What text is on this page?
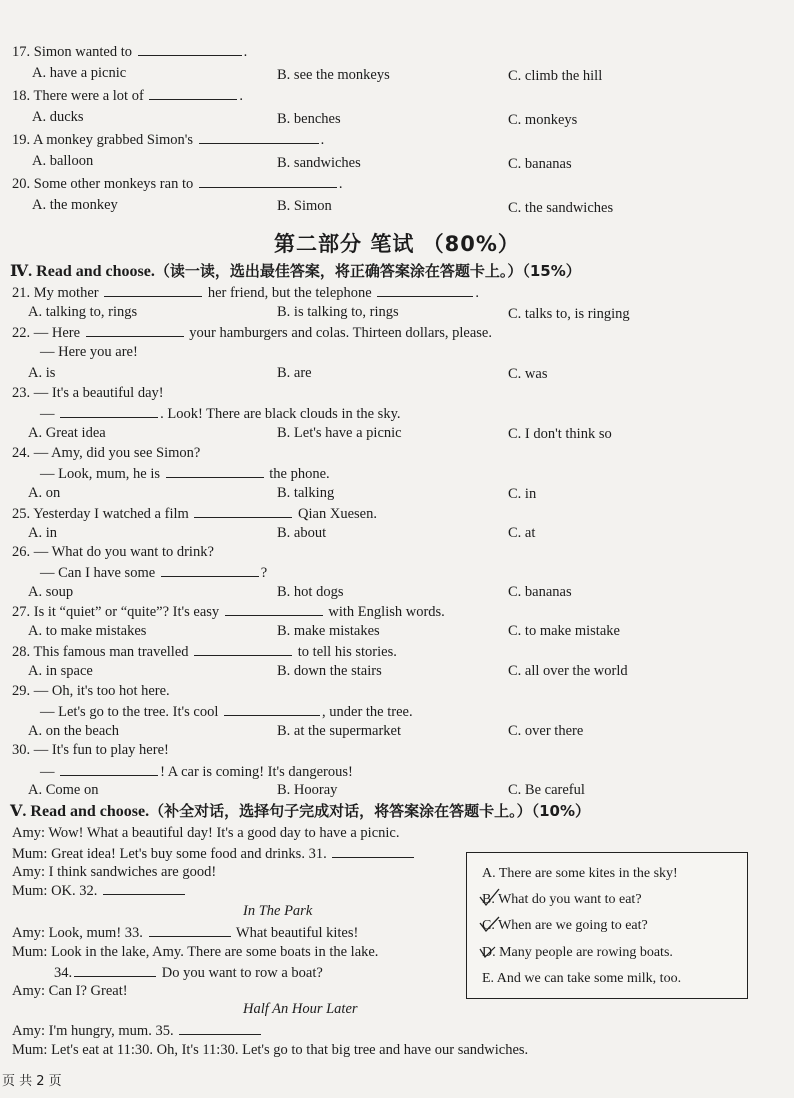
17. Simon wanted to	.
A. have a picnic	B. see the monkeys	C. climb the hill
18. There were a lot of	.
A. ducks	B. benches	C. monkeys
19. A monkey grabbed Simon's	.
A. balloon	B. sandwiches	C. bananas
20. Some other monkeys ran to	.
A. the monkey	B. Simon	C. the sandwiches
第二部分 笔试 （80%）
Ⅳ. Read and choose.（读一读，选出最佳答案，将正确答案涂在答题卡上。）（15%）
21. My mother	her friend, but the telephone	.
A. talking to, rings	B. is talking to, rings	C. talks to, is ringing
22. — Here	your hamburgers and colas. Thirteen dollars, please.
— Here you are!
A. is	B. are	C. was
23. — It's a beautiful day!
—	. Look! There are black clouds in the sky.
A. Great idea	B. Let's have a picnic	C. I don't think so
24. — Amy, did you see Simon?
— Look, mum, he is	the phone.
A. on	B. talking	C. in
25. Yesterday I watched a film	Qian Xuesen.
A. in	B. about	C. at
26. — What do you want to drink?
— Can I have some	?
A. soup	B. hot dogs	C. bananas
27. Is it “quiet” or “quite”? It's easy	with English words.
A. to make mistakes	B. make mistakes	C. to make mistake
28. This famous man travelled	to tell his stories.
A. in space	B. down the stairs	C. all over the world
29. — Oh, it's too hot here.
— Let's go to the tree. It's cool	, under the tree.
A. on the beach	B. at the supermarket	C. over there
30. — It's fun to play here!
—	! A car is coming! It's dangerous!
A. Come on	B. Hooray	C. Be careful
Ⅴ. Read and choose.（补全对话，选择句子完成对话，将答案涂在答题卡上。）（10%）
Amy: Wow! What a beautiful day! It's a good day to have a picnic.
Mum: Great idea! Let's buy some food and drinks. 31.
Amy: I think sandwiches are good!
Mum: OK. 32.
In The Park
Amy: Look, mum! 33.	What beautiful kites!
Mum: Look in the lake, Amy. There are some boats in the lake.
34.	Do you want to row a boat?
Amy: Can I? Great!
Half An Hour Later
Amy: I'm hungry, mum. 35.
Mum: Let's eat at 11:30. Oh, It's 11:30. Let's go to that big tree and have our sandwiches.
A. There are some kites in the sky!
B. What do you want to eat?
C. When are we going to eat?
D. Many people are rowing boats.
E. And we can take some milk, too.
页 共 2 页
